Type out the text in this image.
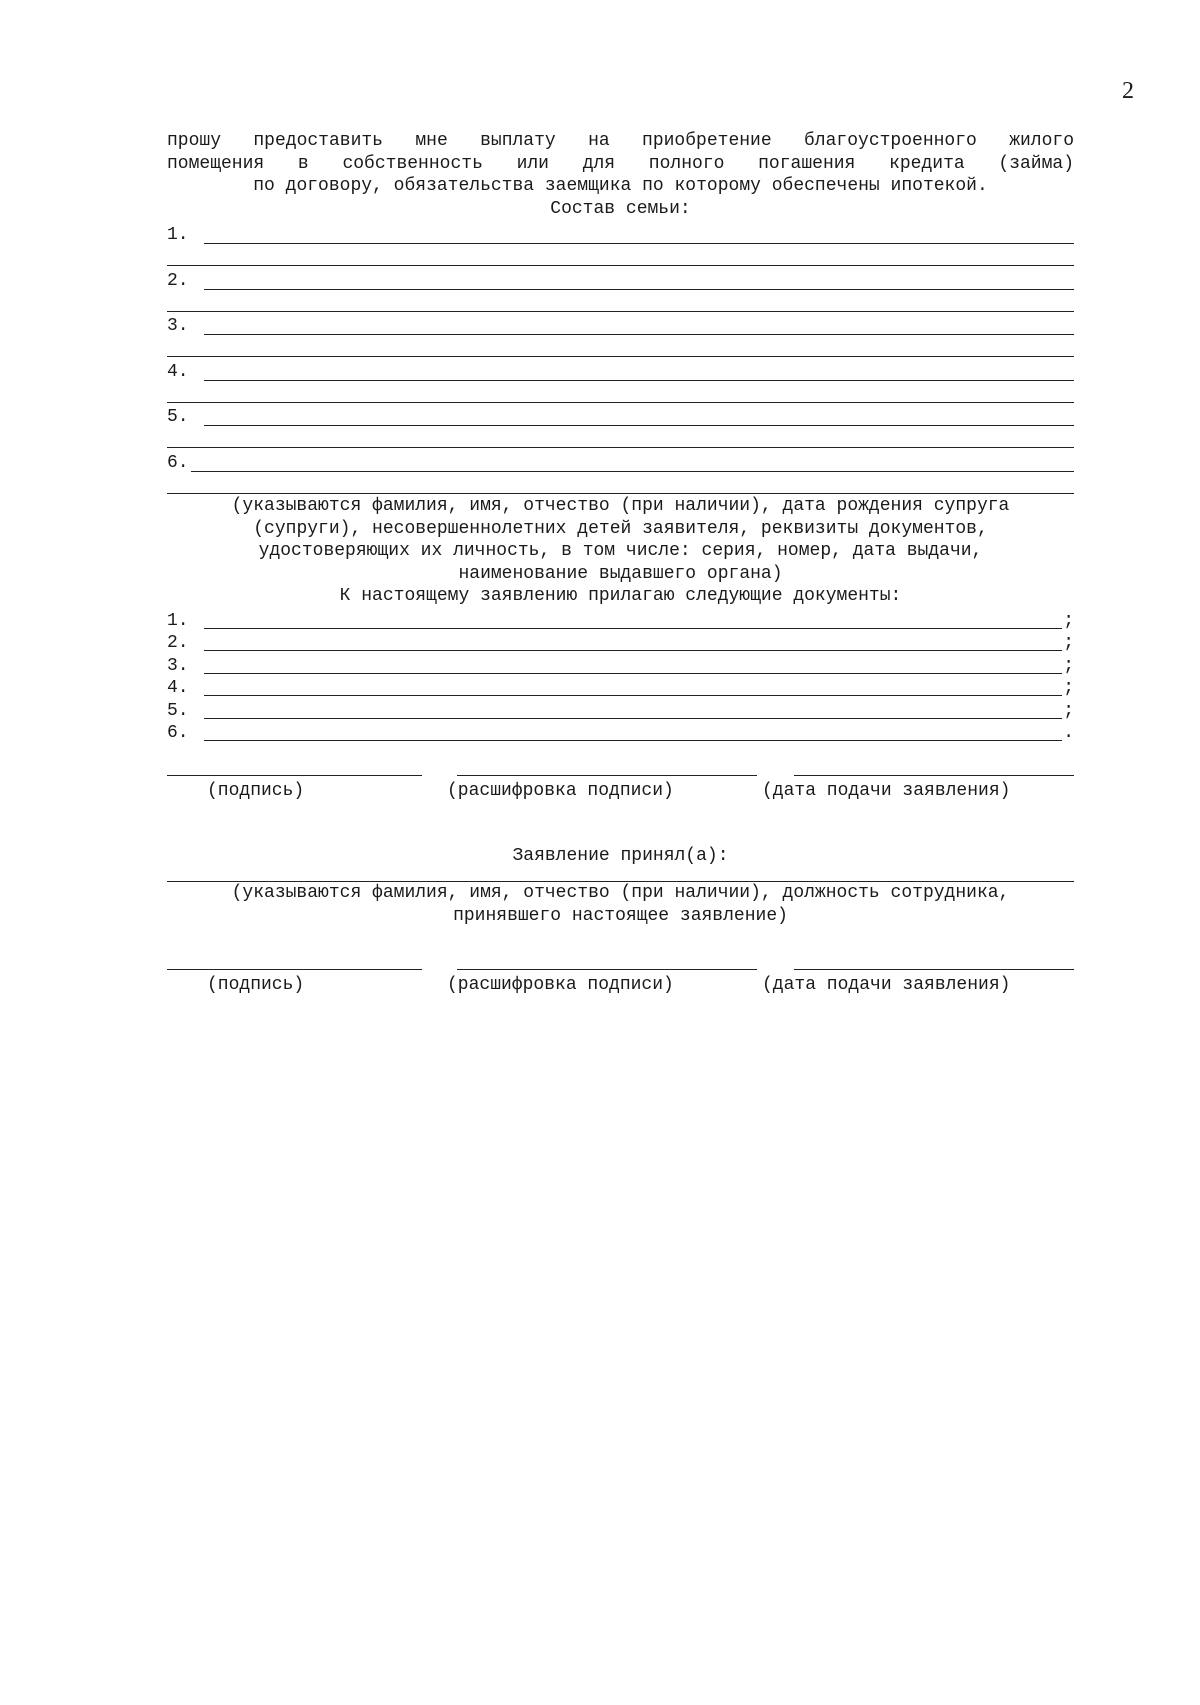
2
прошу предоставить мне выплату на приобретение благоустроенного жилого
помещения в собственность или для полного погашения кредита (займа)
по договору, обязательства заемщика по которому обеспечены ипотекой.
Состав семьи:
1.
2.
3.
4.
5.
6.
(указываются фамилия, имя, отчество (при наличии), дата рождения супруга
(супруги), несовершеннолетних детей заявителя, реквизиты документов,
удостоверяющих их личность, в том числе: серия, номер, дата выдачи,
наименование выдавшего органа)
К настоящему заявлению прилагаю следующие документы:
1.	;
2.	;
3.	;
4.	;
5.	;
6.	.
(подпись)	(расшифровка подписи)	(дата подачи заявления)
Заявление принял(а):
(указываются фамилия, имя, отчество (при наличии), должность сотрудника,
принявшего настоящее заявление)
(подпись)	(расшифровка подписи)	(дата подачи заявления)
